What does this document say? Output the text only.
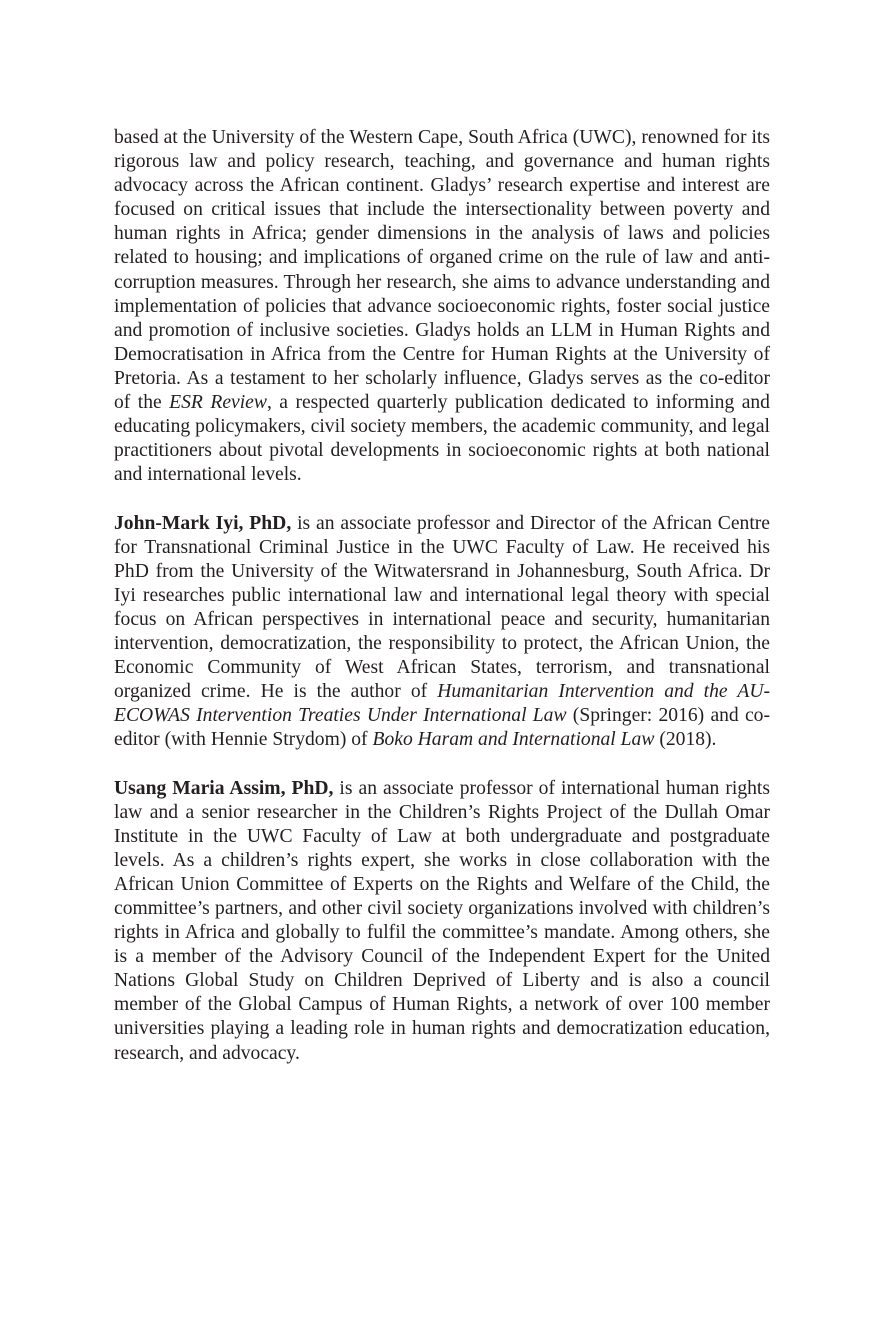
based at the University of the Western Cape, South Africa (UWC), renowned for its rigorous law and policy research, teaching, and governance and human rights advocacy across the African continent. Gladys’ research expertise and interest are focused on critical issues that include the intersectionality between poverty and human rights in Africa; gender dimensions in the analysis of laws and policies related to housing; and implications of organed crime on the rule of law and anti-corruption measures. Through her research, she aims to advance understanding and implementation of policies that advance socioeconomic rights, foster social justice and promotion of inclusive societies. Gladys holds an LLM in Human Rights and Democratisation in Africa from the Centre for Human Rights at the University of Pretoria. As a testament to her scholarly influence, Gladys serves as the co-editor of the ESR Review, a respected quarterly publication dedicated to informing and educating policymakers, civil society members, the academic community, and legal practitioners about pivotal developments in socioeconomic rights at both national and international levels.

John-Mark Iyi, PhD, is an associate professor and Director of the African Centre for Transnational Criminal Justice in the UWC Faculty of Law. He received his PhD from the University of the Witwatersrand in Johannesburg, South Africa. Dr Iyi researches public international law and international legal theory with special focus on African perspectives in international peace and security, humanitarian intervention, democratization, the responsibility to protect, the African Union, the Economic Community of West African States, terrorism, and transnational organized crime. He is the author of Humanitarian Intervention and the AU-ECOWAS Intervention Treaties Under International Law (Springer: 2016) and co-editor (with Hennie Strydom) of Boko Haram and International Law (2018).

Usang Maria Assim, PhD, is an associate professor of international human rights law and a senior researcher in the Children’s Rights Project of the Dullah Omar Institute in the UWC Faculty of Law at both undergraduate and postgraduate levels. As a children’s rights expert, she works in close collaboration with the African Union Committee of Experts on the Rights and Welfare of the Child, the committee’s partners, and other civil society organizations involved with children’s rights in Africa and globally to fulfil the committee’s mandate. Among others, she is a member of the Advisory Council of the Independent Expert for the United Nations Global Study on Children Deprived of Liberty and is also a council member of the Global Campus of Human Rights, a network of over 100 member universities playing a leading role in human rights and democratization education, research, and advocacy.
